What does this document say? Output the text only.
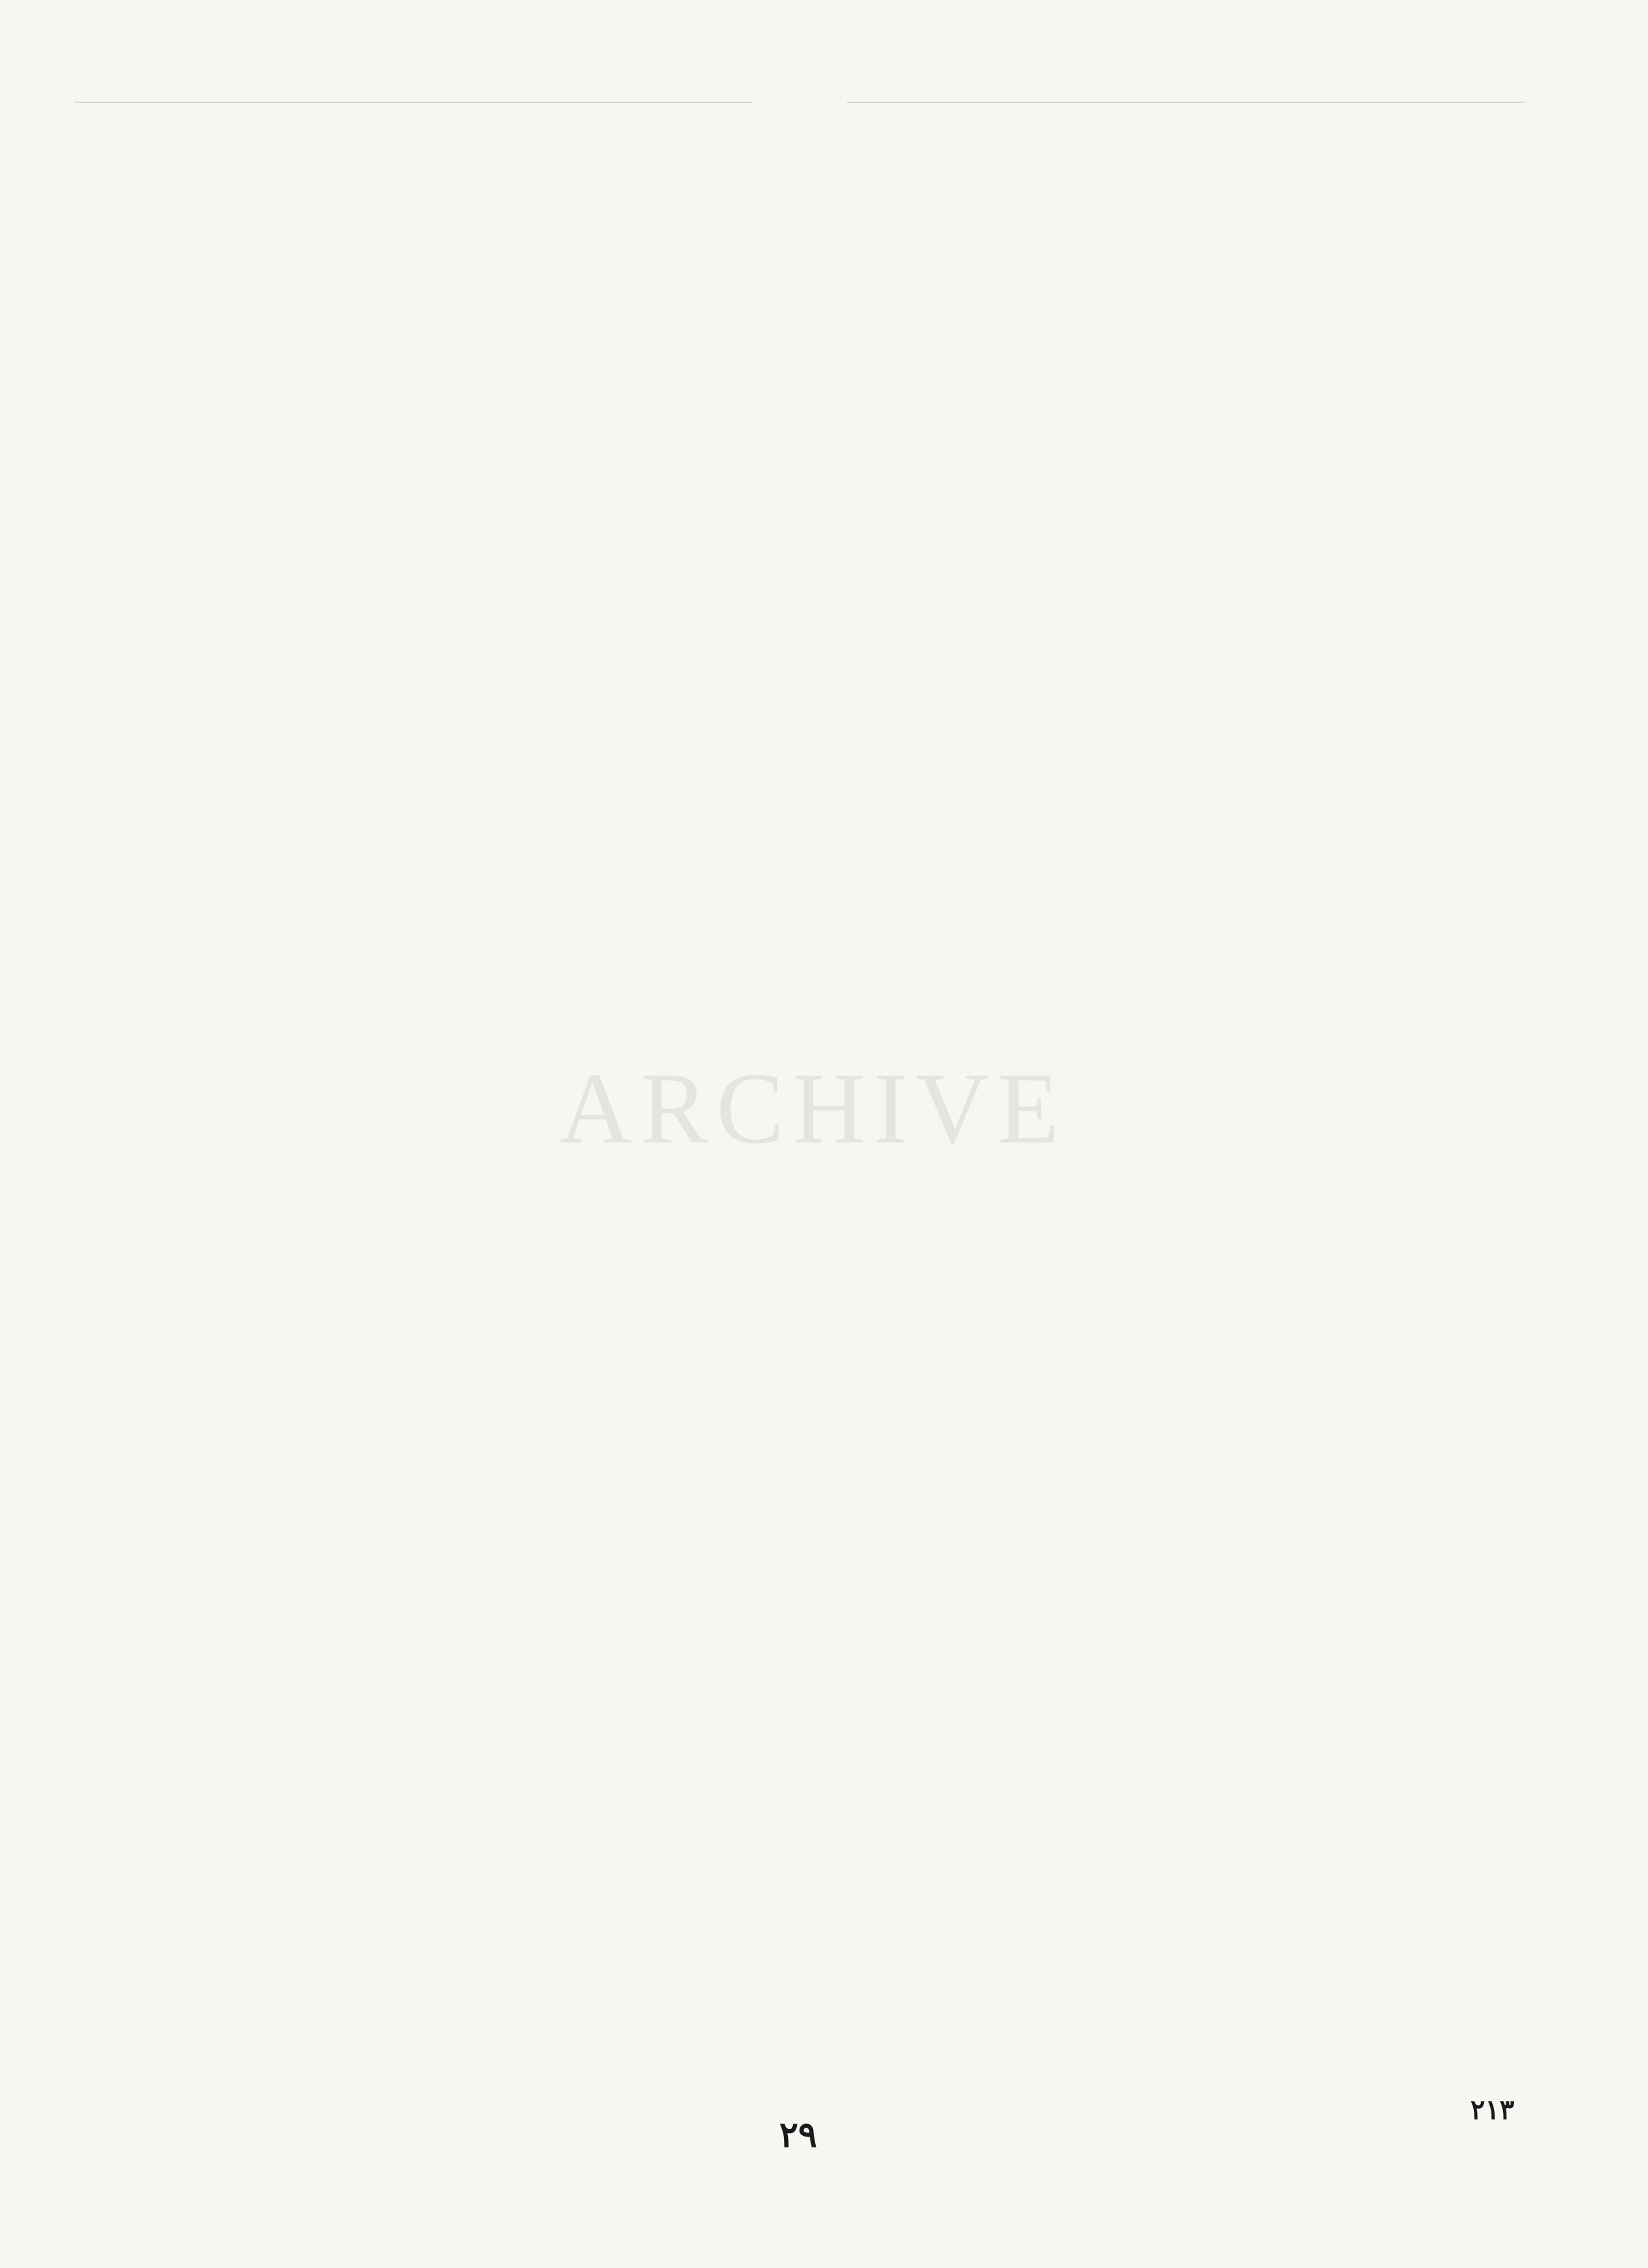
ARCHIVE
٢٩
٢١٣
